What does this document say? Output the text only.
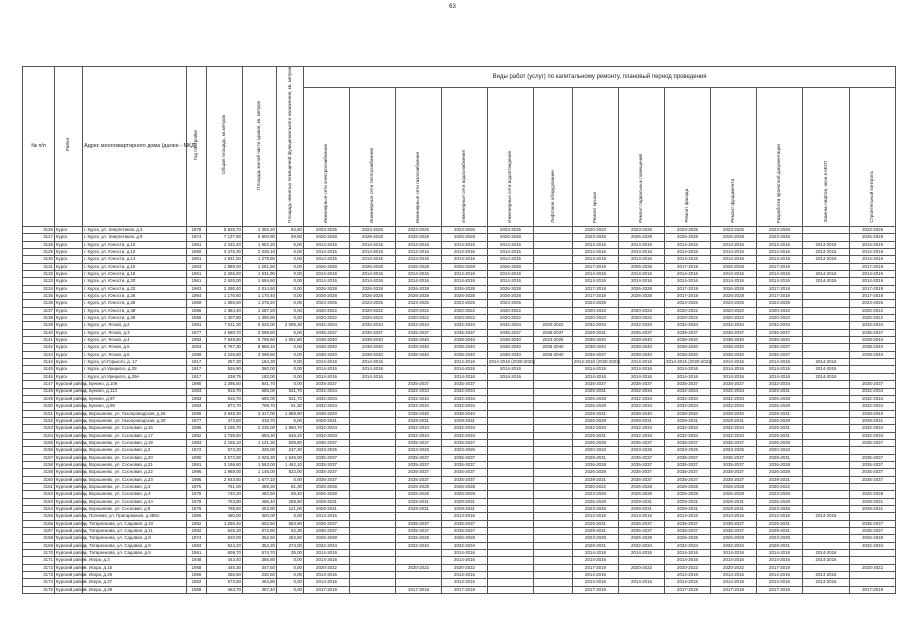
63
№ п/п	Район	Адрес многоквартирного дома (далее - МКД)	Год постройки	Общая площадь, кв.метров	Площадь жилой части здания, кв. метров	Площадь нежилых помещений функционального назначения, кв. метров	Виды работ (услуг) по капитальному ремонту, плановый период проведения												

							Инженерные сети электроснабжения	Инженерные сети теплоснабжения	Инженерные сети газоснабжения	Инженерные сети водоснабжения	Инженерные сети водоотведения	Лифтовое оборудование	Ремонт крыши	Ремонт подвальных помещений	Ремонт фасада	Ремонт фундамента	Разработка проектной документации	Замена лифтов, окон и МОП	Строительный контроль

3126	Курск	г. Курск, ул. Энергетиков, д.3	1978	5 826,70	4 392,20	62,60	2023-2025	2023-2025	2023-2025	2023-2025	2023-2025		2020-2022	2023-2025	2023-2025	2023-2025	2023-2025		2023-2025
3127	Курск	г. Курск, ул. Энергетиков, д.9	1974	7 137,90	5 900,90	59,80	2026-2028	2026-2028	2026-2028	2026-2028	2026-2028		2023-2025	2026-2028	2026-2028	2026-2028	2023-2025		2026-2028
3128	Курск	г. Курск, ул. Юности, д.10	1961	2 432,40	1 982,20	0,00	2014-2016	2014-2016	2014-2016	2014-2016	2014-2016		2014-2016	2014-2016	2014-2016	2014-2016	2014-2016	2014-2016	2014-2016
3129	Курск	г. Курск, ул. Юности, д.12	1960	3 475,30	2 036,10	0,00	2014-2016	2014-2016	2014-2016	2014-2016	2014-2016		2014-2016	2014-2016	2014-2016	2014-2016	2014-2016	2014-2016	2014-2016
3130	Курск	г. Курск, ул. Юности, д.14	1961	1 931,50	1 278,90	0,00	2014-2016	2014-2016	2014-2016	2014-2016	2014-2016		2014-2016	2014-2016	2014-2016	2014-2016	2014-2016	2014-2016	2014-2016
3131	Курск	г. Курск, ул. Юности, д.16	1963	1 889,00	1 281,50	0,00	2026-2028	2026-2028	2026-2028	2026-2028	2026-2028		2017-2019	2026-2028	2017-2019	2026-2028	2017-2019		2017-2019
3132	Курск	г. Курск, ул. Юности, д.18	1961	2 266,50	1 531,90	0,00	2014-2016	2014-2016	2014-2016	2014-2016	2014-2016		2014-2016	2014-2016	2014-2016	2014-2016	2014-2016	2014-2016	2014-2016
3133	Курск	г. Курск, ул. Юности, д.20	1961	2 620,00	1 694,60	0,00	2014-2016	2014-2016	2014-2016	2014-2016	2014-2016		2014-2016	2014-2016	2014-2016	2014-2016	2014-2016	2014-2016	2014-2016
3134	Курск	г. Курск, ул. Юности, д.22	1963	2 290,40	2 014,50	0,00	2026-2028	2026-2028	2026-2028	2026-2028	2026-2028		2017-2019	2026-2028	2017-2019	2026-2028	2017-2019		2017-2019
3135	Курск	г. Курск, ул. Юности, д.26	1964	1 176,60	1 170,40	0,00	2026-2028	2026-2028	2026-2028	2026-2028	2026-2028		2017-2019	2026-2028	2017-2019	2026-2028	2017-2019		2017-2019
3136	Курск	г. Курск, ул. Юности, д.28	1969	1 585,60	1 278,20	0,00	2023-2025	2023-2025	2023-2025	2023-2025	2023-2025		2023-2025		2023-2025	2023-2025	2023-2025		2023-2025
3137	Курск	г. Курск, ул. Юности, д.38	1966	1 384,40	1 287,20	0,00	2020-2022	2020-2022	2020-2022	2020-2022	2020-2022		2020-2022	2020-2022	2020-2022	2020-2022	2020-2022		2020-2022
3138	Курск	г. Курск, ул. Юности, д.39	1966	1 407,80	1 390,80	0,00	2020-2022	2020-2022	2020-2022	2020-2022	2020-2022		2020-2022	2020-2022	2020-2022	2020-2022	2020-2022		2020-2022
3139	Курск	г. Курск, ул. Ясная, д.2	1981	7 611,30	5 526,00	2 085,30	2032-2034	2032-2034	2032-2034	2032-2034	2032-2034	2020-2022	2032-2034	2032-2034	2032-2034	2032-2034	2032-2034		2032-2034
3140	Курск	г. Курск, ул. Ясная, д.3	1977	4 680,70	3 098,50	0,00	2035-2037	2035-2037	2035-2037	2035-2037	2035-2037	2035-2037	2029-2031	2035-2037	2035-2037	2035-2037	2035-2037		2035-2037
3141	Курск	г. Курск, ул. Ясная, д.4	1993	7 849,90	6 799,60	1 051,80	2038-2040	2038-2040	2038-2040	2038-2040	2038-2040	2023-2025	2038-2040	2038-2040	2038-2040	2038-2040	2038-2040		2038-2040
3142	Курск	г. Курск, ул. Ясная, д.5	2004	9 767,30	8 888,10	0,00	2038-2040	2038-2040	2038-2040	2038-2040	2038-2040	2038-2040	2038-2040	2038-2040	2038-2040	2038-2040	2035-2037		2038-2040
3143	Курск	г. Курск, ул. Ясная, д.6	1999	4 226,80	3 098,60	0,00	2038-2040	2038-2040	2038-2040	2038-2040	2038-2040	2038-2040	2035-2037	2038-2040	2038-2040	2038-2040	2035-2037		2038-2040
3144	Курск	г. Курск, ул.Горького, д. 17	1917	257,30	184,30	0,00	2014-2016	2014-2016		2014-2016	2014-2016 (2020-2022)		2014-2016 (2020-2022)	2014-2016	2014-2016 (2020-2022)	2014-2016	2014-2016	2014-2016	
3145	Курск	г. Курск, ул.Урицкого, д.28	1917	526,90	360,00	0,00	2014-2016	2014-2016		2014-2016	2014-2016		2014-2016	2014-2016	2014-2016	2014-2016	2014-2016	2014-2016	
3146	Курск	г. Курск, ул.Урицкого, д.29А	1917	238,75	182,00	0,00	2014-2016	2014-2016		2014-2016	2014-2016		2014-2016	2014-2016	2014-2016	2014-2016	2014-2016	2014-2016	
3147	Курский район	д. Бунино, д.109	1980	1 295,50	841,70	0,00	2035-2037		2035-2037	2035-2037			2035-2037	2035-2037	2035-2037	2035-2037	2032-2034		2035-2037
3148	Курский район	д. Бунино, д.113	1983	916,70	685,00	631,70	2032-2034		2032-2034	2032-2034			2029-2031	2032-2034	2032-2034	2032-2034	2029-2031		2032-2034
3149	Курский район	д. Бунино, д.97	1983	916,70	685,00	631,70	2032-2034		2032-2034	2032-2034			2026-2028	2032-2034	2032-2034	2032-2034	2026-2028		2032-2034
3150	Курский район	д. Бунино, д.99	1983	872,70	799,70	91,30	2032-2034		2032-2034	2032-2034			2026-2028	2032-2034	2032-2034	2032-2034	2026-2028		2032-2034
3151	Курский район	д. Ворошнево, ул. Газопроводская, д.26	1995	3 948,30	3 317,00	1 889,90	2038-2040		2038-2040	2038-2040			2029-2031	2038-2040	2038-2040	2038-2040	2029-2031		2038-2040
3152	Курский район	д. Ворошнево, ул. Газопроводская, д.30	1977	473,80	318,70	0,00	2029-2031		2029-2031	2029-2031			2026-2028	2029-2031	2029-2031	2029-2031	2026-2028		2029-2031
3153	Курский район	д. Ворошнево, ул. Сосновая, д.16	1986	3 195,70	2 235,00	1 960,70	2032-2034		2032-2034	2032-2034			2032-2034	2032-2034	2032-2034	2032-2034	2029-2031		2032-2034
3154	Курский район	д. Ворошнево, ул. Сосновая, д.17	1982	1 738,50	693,30	546,20	2032-2034		2032-2034	2032-2034			2029-2031	2032-2034	2032-2034	2032-2034	2029-2031		2032-2034
3155	Курский район	д. Ворошнево, ул. Сосновая, д.19	1993	2 155,10	1 131,30	839,80	2035-2037		2035-2037	2035-2037			2026-2028	2035-2037	2035-2037	2035-2037	2026-2028		2035-2037
3156	Курский район	д. Ворошнево, ул. Сосновая, д.2	1972	573,30	336,00	237,30	2023-2025		2023-2025	2023-2025			2020-2022	2023-2025	2023-2025	2023-2025	2020-2022		
3157	Курский район	д. Ворошнево, ул. Сосновая, д.20	1990	3 572,90	2 025,30	1 545,00	2035-2037		2035-2037	2035-2037			2029-2031	2035-2037	2035-2037	2035-2037	2029-2031		2035-2037
3158	Курский район	д. Ворошнево, ул. Сосновая, д.21	1991	3 196,60	1 563,00	1 462,10	2035-2037		2035-2037	2035-2037			2026-2028	2035-2037	2035-2037	2035-2037	2026-2028		2035-2037
3159	Курский район	д. Ворошнево, ул. Сосновая, д.22	1996	1 968,00	1 146,00	822,00	2035-2037		2035-2037	2035-2037			2026-2028	2035-2037	2035-2037	2035-2037	2026-2028		2035-2037
3160	Курский район	д. Ворошнево, ул. Сосновая, д.23	1986	2 643,50	1 677,10	0,00	2035-2037		2035-2037	2035-2037			2029-2031	2035-2037	2035-2037	2035-2037	2029-2031		2035-2037
3161	Курский район	д. Ворошнево, ул. Сосновая, д.3	1975	751,00	489,30	81,30	2026-2028		2026-2028	2026-2028			2020-2022	2026-2028	2026-2028	2026-2028	2020-2022		
3162	Курский район	д. Ворошнево, ул. Сосновая, д.4	1975	740,20	482,50	58,40	2026-2028		2026-2028	2026-2028			2023-2025	2026-2028	2026-2028	2026-2028	2023-2025		2026-2028
3163	Курский район	д. Ворошнево, ул. Сосновая, д.4А	1979	753,90	496,40	259,50	2029-2031		2029-2031	2029-2031			2026-2028	2029-2031	2029-2031	2029-2031	2026-2028		2029-2031
3164	Курский район	д. Ворошнево, ул. Сосновая, д.5	1976	768,60	453,90	121,00	2029-2031		2029-2031	2029-2031			2023-2025	2029-2031	2029-2031	2029-2031	2023-2025		2029-2031
3165	Курский район	д. Полевая, ул. Пригаражная, д.485А	1956	480,00	300,00	0,00	2014-2016			2014-2016			2014-2016	2014-2016	2014-2016	2014-2016	2014-2016	2014-2016	
3166	Курский район	д. Татаренкова, ул. Садовая, д.10	1982	1 256,40	602,50	653,90	2035-2037		2035-2037	2035-2037			2029-2031	2035-2037	2035-2037	2035-2037	2029-2031		2035-2037
3167	Курский район	д. Татаренкова, ул. Садовая, д.11	1982	625,20	572,90	52,30	2035-2037		2035-2037	2035-2037			2029-2031	2035-2037	2035-2037	2035-2037	2029-2031		2035-2037
3168	Курский район	д. Татаренкова, ул. Садовая, д.8	1974	620,00	362,50	262,50	2026-2028		2026-2028	2026-2028			2023-2025	2026-2028	2026-2028	2026-2028	2023-2025		2026-2028
3169	Курский район	д. Татаренкова, ул. Садовая, д.9	1983	624,20	352,20	274,00	2032-2034		2032-2034	2032-2034			2029-2031	2032-2034	2032-2034	2032-2034	2029-2031		2032-2034
3170	Курский район	д. Татаренкова, ул. Садовая, д.5	1961	609,70	574,70	35,00	2014-2016			2014-2016			2014-2016	2014-2016	2014-2016	2014-2016	2014-2016	2014-2016	
3171	Курский район	п. Искра, д.3	1948	443,40	356,80	0,00	2014-2016			2014-2016			2014-2016		2014-2016	2014-2016	2014-2016	2014-2016	
3172	Курский район	п. Искра, д.15	1968	445,30	347,50	0,00	2020-2022		2020-2022	2020-2022			2017-2019	2020-2022	2020-2022	2020-2022	2017-2019		2020-2022
3173	Курский район	п. Искра, д.25	1966	256,60	230,50	0,00	2014-2016			2014-2016			2014-2016		2014-2016	2014-2016	2014-2016	2014-2016	
3174	Курский район	п. Искра, д.27	1952	573,60	464,80	0,00	2014-2016			2014-2016			2014-2016	2014-2016	2014-2016	2014-2016	2014-2016	2014-2016	
3175	Курский район	п. Искра, д.29	1969	463,70	387,40	0,00	2017-2019		2017-2019	2017-2019			2017-2019		2017-2019	2017-2019	2017-2019		2017-2019
